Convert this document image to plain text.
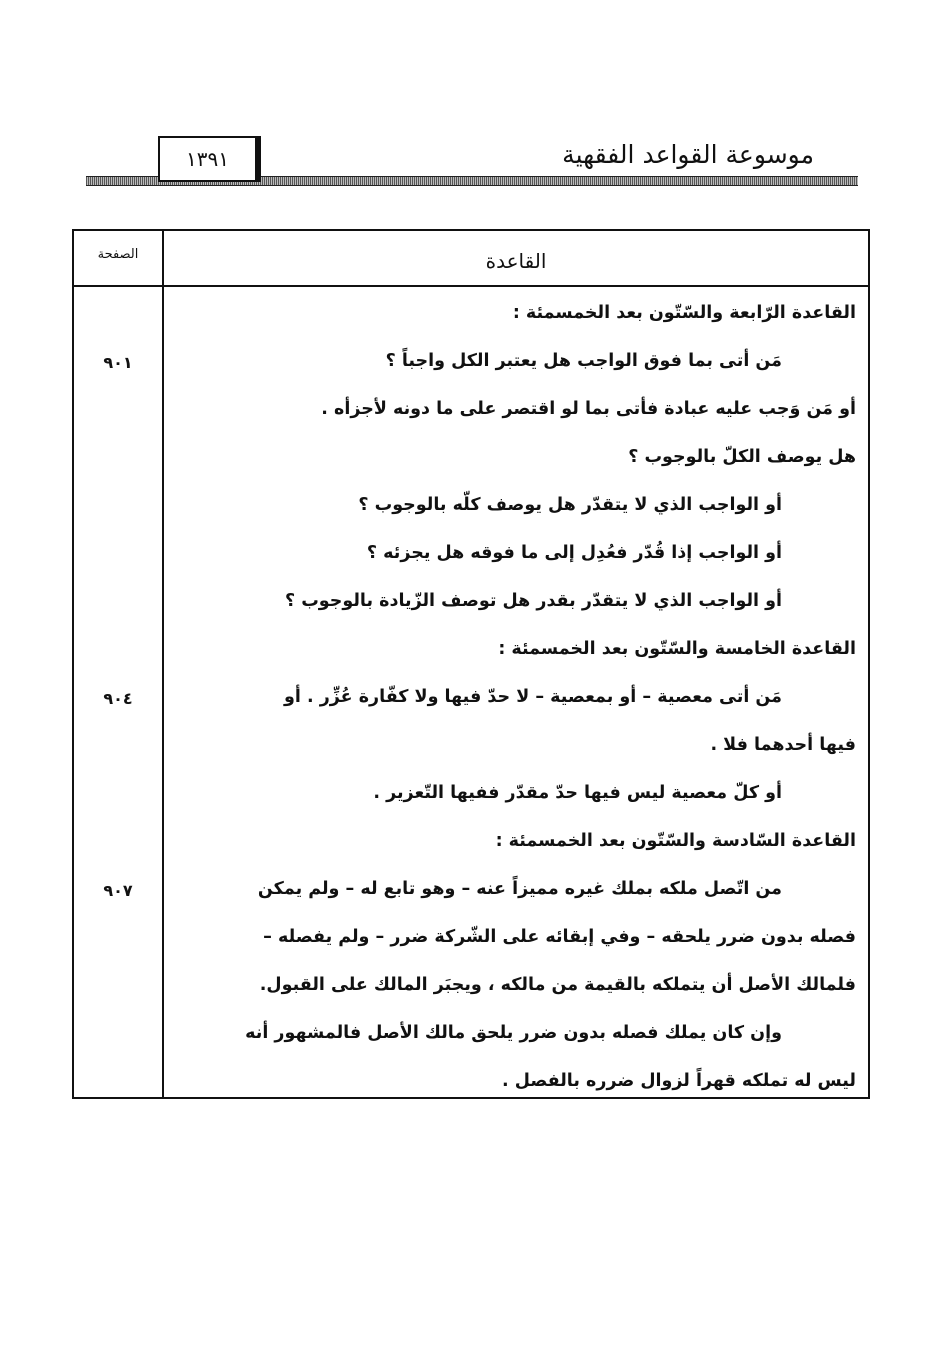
١٣٩١	موسوعة القواعد الفقهية
الصفحة	القاعدة
القاعدة الرّابعة والسّتّون بعد الخمسمئة :
مَن أتى بما فوق الواجب هل يعتبر الكل واجباً ؟
٩٠١
أو مَن وَجب عليه عبادة فأتى بما لو اقتصر على ما دونه لأجزأه .
هل يوصف الكلّ بالوجوب ؟
أو الواجب الذي لا يتقدّر هل يوصف كلّه بالوجوب ؟
أو الواجب إذا قُدّر فعُدِل إلى ما فوقه هل يجزئه ؟
أو الواجب الذي لا يتقدّر بقدر هل توصف الزّيادة بالوجوب ؟
القاعدة الخامسة والسّتّون بعد الخمسمئة :
مَن أتى معصية – أو بمعصية – لا حدّ فيها ولا كفّارة عُزِّر . أو
٩٠٤
فيها أحدهما فلا .
أو كلّ معصية ليس فيها حدّ مقدّر ففيها التّعزير .
القاعدة السّادسة والسّتّون بعد الخمسمئة :
من اتّصل ملكه بملك غيره مميزاً عنه – وهو تابع له – ولم يمكن
٩٠٧
فصله بدون ضرر يلحقه – وفي إبقائه على الشّركة ضرر – ولم يفصله –
فلمالك الأصل أن يتملكه بالقيمة من مالكه ، ويجبَر المالك على القبول.
وإن كان يملك فصله بدون ضرر يلحق مالك الأصل فالمشهور أنه
ليس له تملكه قهراً لزوال ضرره بالفصل .
